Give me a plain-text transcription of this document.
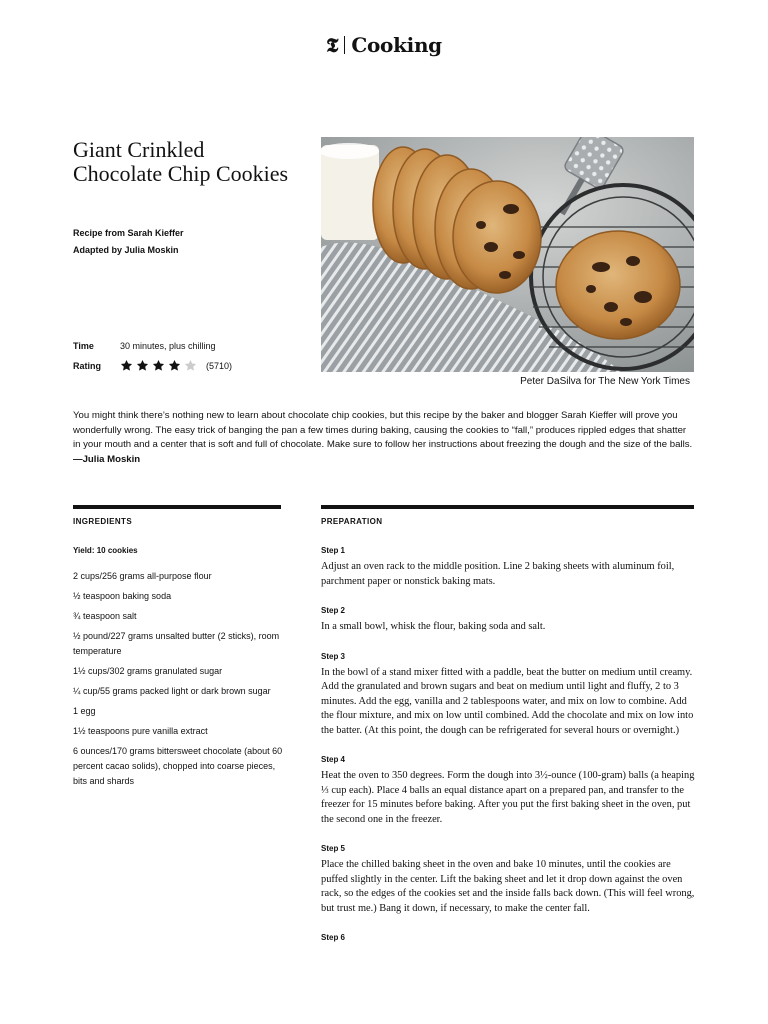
𝕿 Cooking
Giant Crinkled Chocolate Chip Cookies
Recipe from Sarah Kieffer
Adapted by Julia Moskin
Time	30 minutes, plus chilling
Rating	(5710)
Peter DaSilva for The New York Times

You might think there’s nothing new to learn about chocolate chip cookies, but this recipe by the baker and blogger Sarah Kieffer will prove you wonderfully wrong. The easy trick of banging the pan a few times during baking, causing the cookies to “fall,” produces rippled edges that shatter in your mouth and a center that is soft and full of chocolate. Make sure to follow her instructions about freezing the dough and the size of the balls. —Julia Moskin

INGREDIENTS	PREPARATION
Yield: 10 cookies
2 cups/256 grams all-purpose flour
½ teaspoon baking soda
¾ teaspoon salt
½ pound/227 grams unsalted butter (2 sticks), room temperature
1½ cups/302 grams granulated sugar
¼ cup/55 grams packed light or dark brown sugar
1 egg
1½ teaspoons pure vanilla extract
6 ounces/170 grams bittersweet chocolate (about 60 percent cacao solids), chopped into coarse pieces, bits and shards
Step 1

Adjust an oven rack to the middle position. Line 2 baking sheets with aluminum foil, parchment paper or nonstick baking mats.

Step 2

In a small bowl, whisk the flour, baking soda and salt.

Step 3

In the bowl of a stand mixer fitted with a paddle, beat the butter on medium until creamy. Add the granulated and brown sugars and beat on medium until light and fluffy, 2 to 3 minutes. Add the egg, vanilla and 2 tablespoons water, and mix on low to combine. Add the flour mixture, and mix on low until combined. Add the chocolate and mix on low into the batter. (At this point, the dough can be refrigerated for several hours or overnight.)

Step 4

Heat the oven to 350 degrees. Form the dough into 3½-ounce (100-gram) balls (a heaping ⅓ cup each). Place 4 balls an equal distance apart on a prepared pan, and transfer to the freezer for 15 minutes before baking. After you put the first baking sheet in the oven, put the second one in the freezer.

Step 5

Place the chilled baking sheet in the oven and bake 10 minutes, until the cookies are puffed slightly in the center. Lift the baking sheet and let it drop down against the oven rack, so the edges of the cookies set and the inside falls back down. (This will feel wrong, but trust me.) Bang it down, if necessary, to make the center fall.

Step 6
